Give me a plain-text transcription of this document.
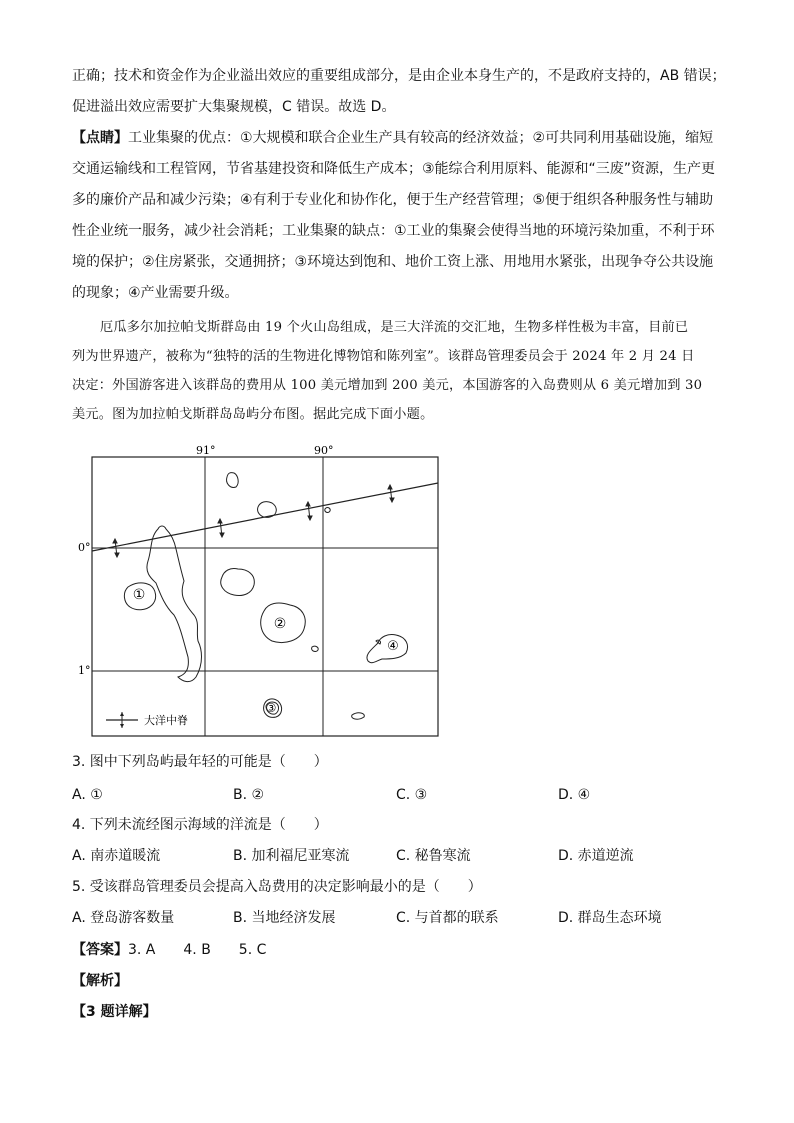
正确；技术和资金作为企业溢出效应的重要组成部分，是由企业本身生产的，不是政府支持的，AB 错误；
促进溢出效应需要扩大集聚规模，C 错误。故选 D。
【点睛】工业集聚的优点：①大规模和联合企业生产具有较高的经济效益；②可共同利用基础设施，缩短
交通运输线和工程管网，节省基建投资和降低生产成本；③能综合利用原料、能源和“三废”资源，生产更
多的廉价产品和减少污染；④有利于专业化和协作化，便于生产经营管理；⑤便于组织各种服务性与辅助
性企业统一服务，减少社会消耗；工业集聚的缺点：①工业的集聚会使得当地的环境污染加重，不利于环
境的保护；②住房紧张，交通拥挤；③环境达到饱和、地价工资上涨、用地用水紧张，出现争夺公共设施
的现象；④产业需要升级。
厄瓜多尔加拉帕戈斯群岛由 19 个火山岛组成，是三大洋流的交汇地，生物多样性极为丰富，目前已
列为世界遗产，被称为“独特的活的生物进化博物馆和陈列室”。该群岛管理委员会于 2024 年 2 月 24 日
决定：外国游客进入该群岛的费用从 100 美元增加到 200 美元，本国游客的入岛费则从 6 美元增加到 30
美元。图为加拉帕戈斯群岛岛屿分布图。据此完成下面小题。
91°	90°
0°
1°
①
②
③
④
大洋中脊
3. 图中下列岛屿最年轻的可能是（　　）
A. ①	B. ②	C. ③	D. ④
4. 下列未流经图示海域的洋流是（　　）
A. 南赤道暖流	B. 加利福尼亚寒流	C. 秘鲁寒流	D. 赤道逆流
5. 受该群岛管理委员会提高入岛费用的决定影响最小的是（　　）
A. 登岛游客数量	B. 当地经济发展	C. 与首都的联系	D. 群岛生态环境
【答案】3. A　　4. B　　5. C
【解析】
【3 题详解】
